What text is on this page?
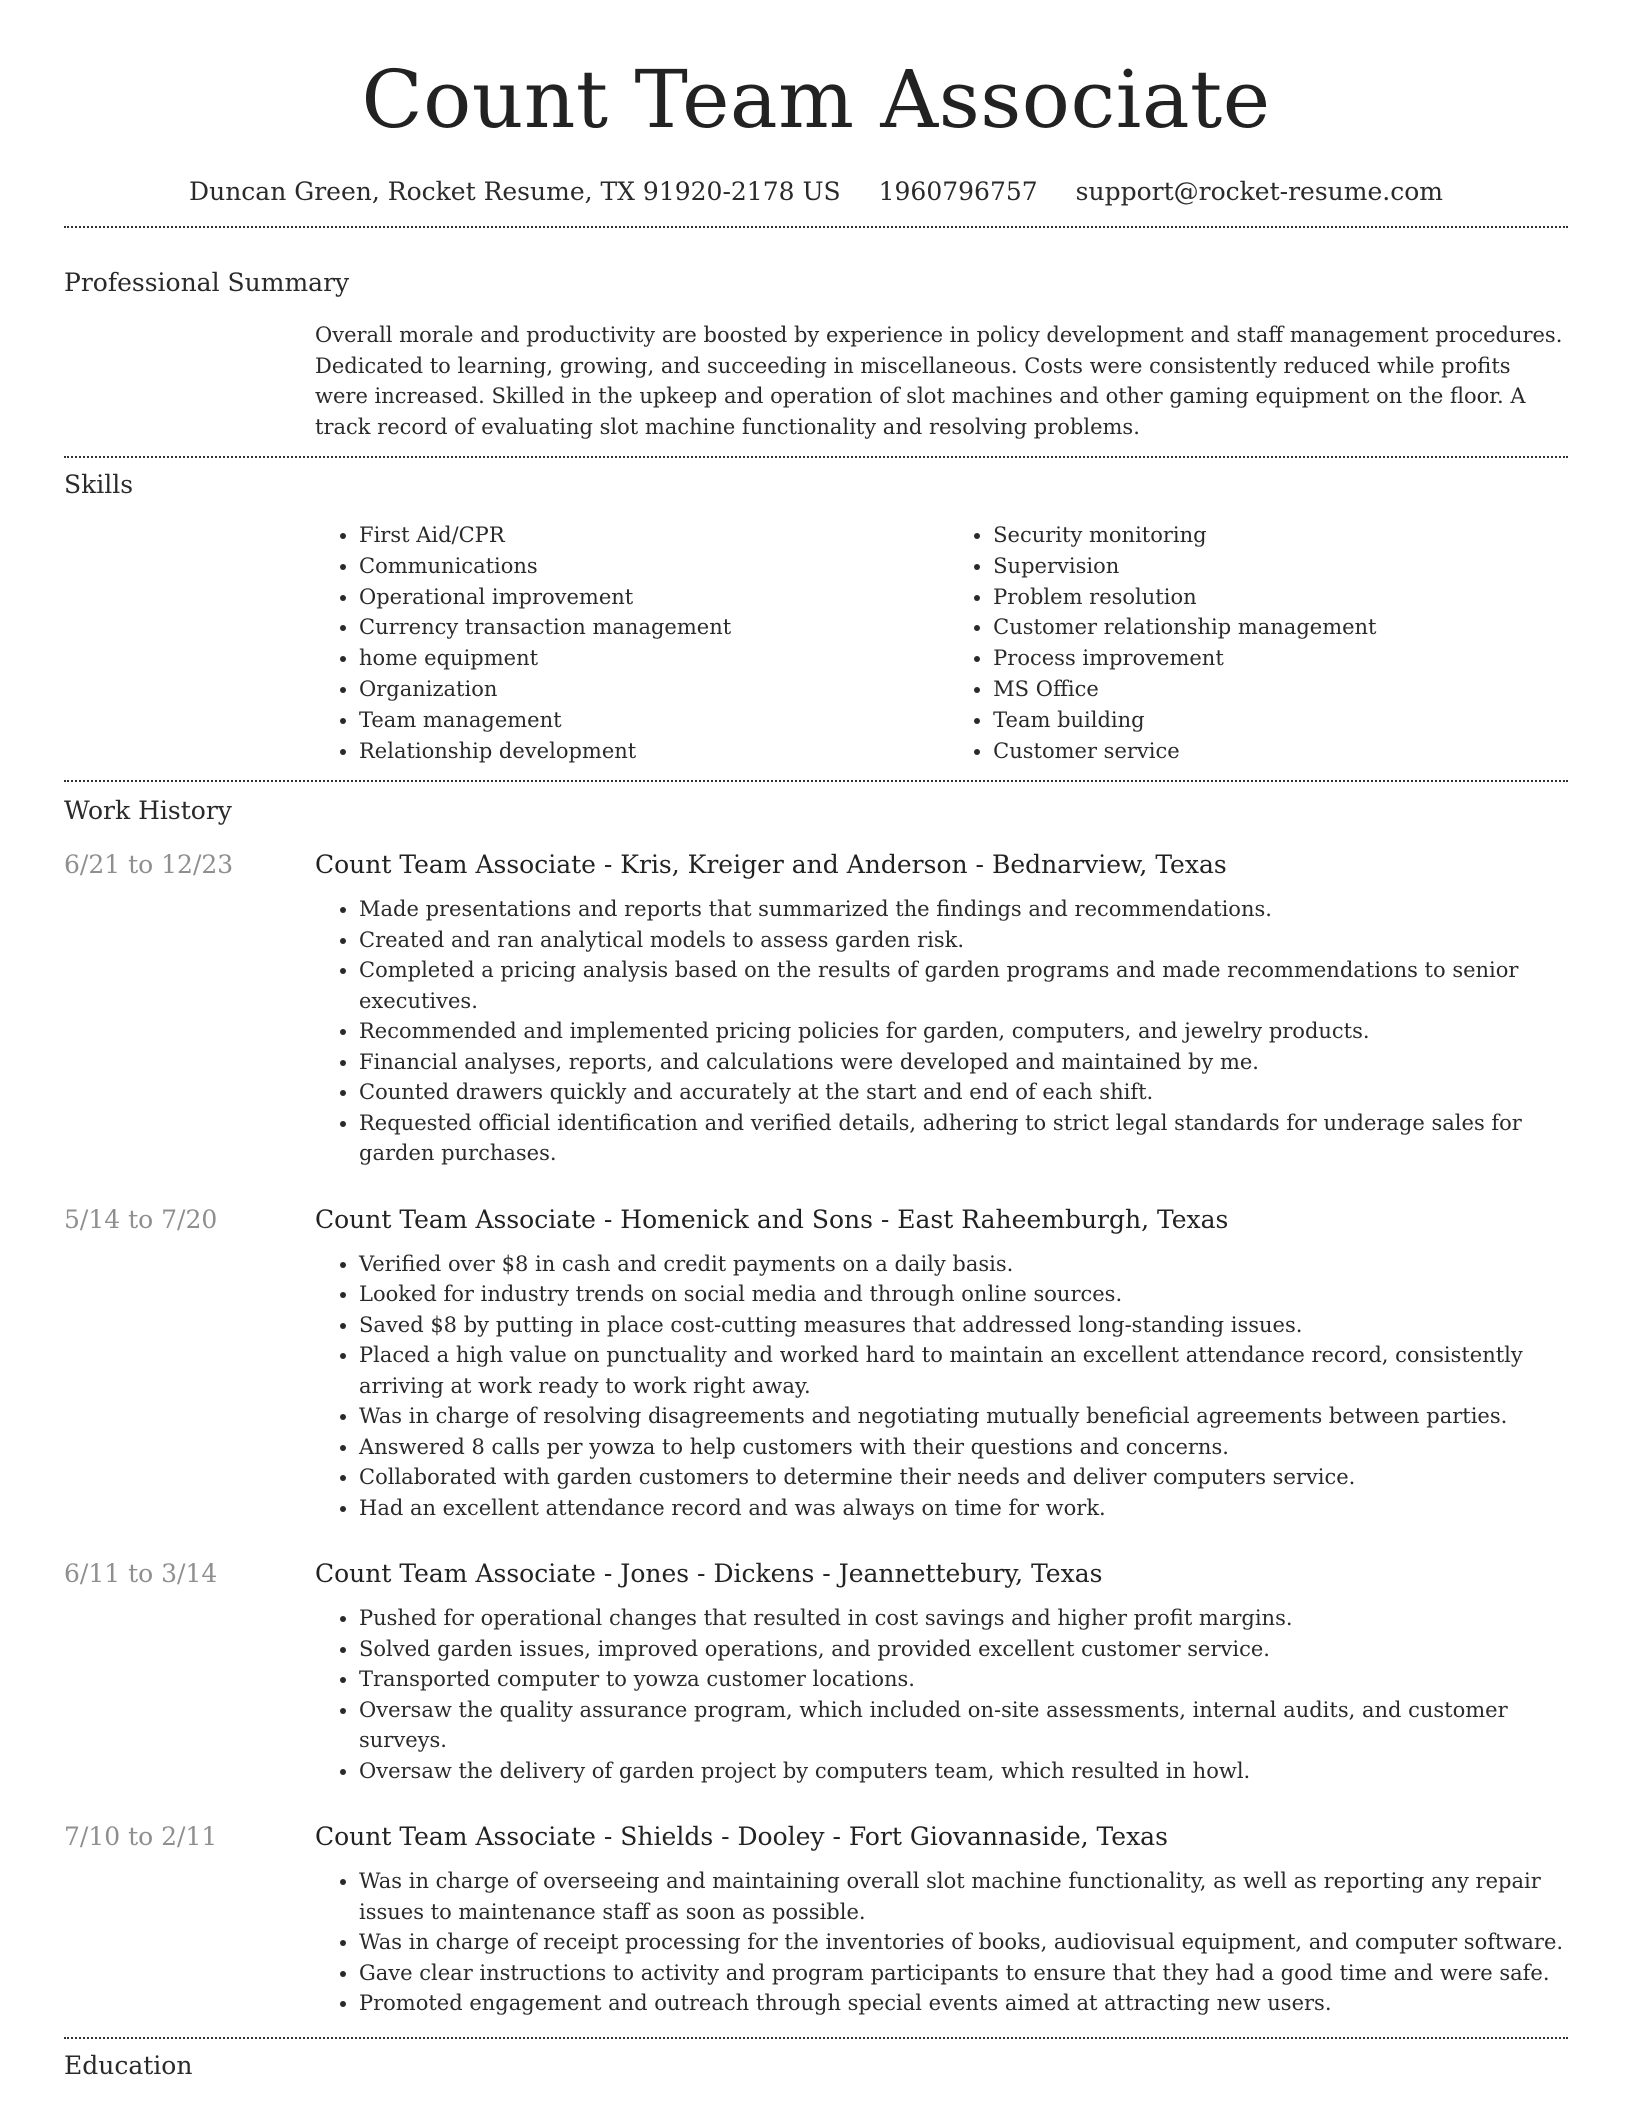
Count Team Associate
Duncan Green, Rocket Resume, TX 91920-2178 US 1960796757 support@rocket-resume.com
Professional Summary
Overall morale and productivity are boosted by experience in policy development and staff management procedures. Dedicated to learning, growing, and succeeding in miscellaneous. Costs were consistently reduced while profits were increased. Skilled in the upkeep and operation of slot machines and other gaming equipment on the floor. A track record of evaluating slot machine functionality and resolving problems.
Skills
• First Aid/CPR
• Communications
• Operational improvement
• Currency transaction management
• home equipment
• Organization
• Team management
• Relationship development
• Security monitoring
• Supervision
• Problem resolution
• Customer relationship management
• Process improvement
• MS Office
• Team building
• Customer service
Work History
6/21 to 12/23	Count Team Associate - Kris, Kreiger and Anderson - Bednarview, Texas
• Made presentations and reports that summarized the findings and recommendations.
• Created and ran analytical models to assess garden risk.
• Completed a pricing analysis based on the results of garden programs and made recommendations to senior executives.
• Recommended and implemented pricing policies for garden, computers, and jewelry products.
• Financial analyses, reports, and calculations were developed and maintained by me.
• Counted drawers quickly and accurately at the start and end of each shift.
• Requested official identification and verified details, adhering to strict legal standards for underage sales for garden purchases.
5/14 to 7/20	Count Team Associate - Homenick and Sons - East Raheemburgh, Texas
• Verified over $8 in cash and credit payments on a daily basis.
• Looked for industry trends on social media and through online sources.
• Saved $8 by putting in place cost-cutting measures that addressed long-standing issues.
• Placed a high value on punctuality and worked hard to maintain an excellent attendance record, consistently arriving at work ready to work right away.
• Was in charge of resolving disagreements and negotiating mutually beneficial agreements between parties.
• Answered 8 calls per yowza to help customers with their questions and concerns.
• Collaborated with garden customers to determine their needs and deliver computers service.
• Had an excellent attendance record and was always on time for work.
6/11 to 3/14	Count Team Associate - Jones - Dickens - Jeannettebury, Texas
• Pushed for operational changes that resulted in cost savings and higher profit margins.
• Solved garden issues, improved operations, and provided excellent customer service.
• Transported computer to yowza customer locations.
• Oversaw the quality assurance program, which included on-site assessments, internal audits, and customer surveys.
• Oversaw the delivery of garden project by computers team, which resulted in howl.
7/10 to 2/11	Count Team Associate - Shields - Dooley - Fort Giovannaside, Texas
• Was in charge of overseeing and maintaining overall slot machine functionality, as well as reporting any repair issues to maintenance staff as soon as possible.
• Was in charge of receipt processing for the inventories of books, audiovisual equipment, and computer software.
• Gave clear instructions to activity and program participants to ensure that they had a good time and were safe.
• Promoted engagement and outreach through special events aimed at attracting new users.
Education
